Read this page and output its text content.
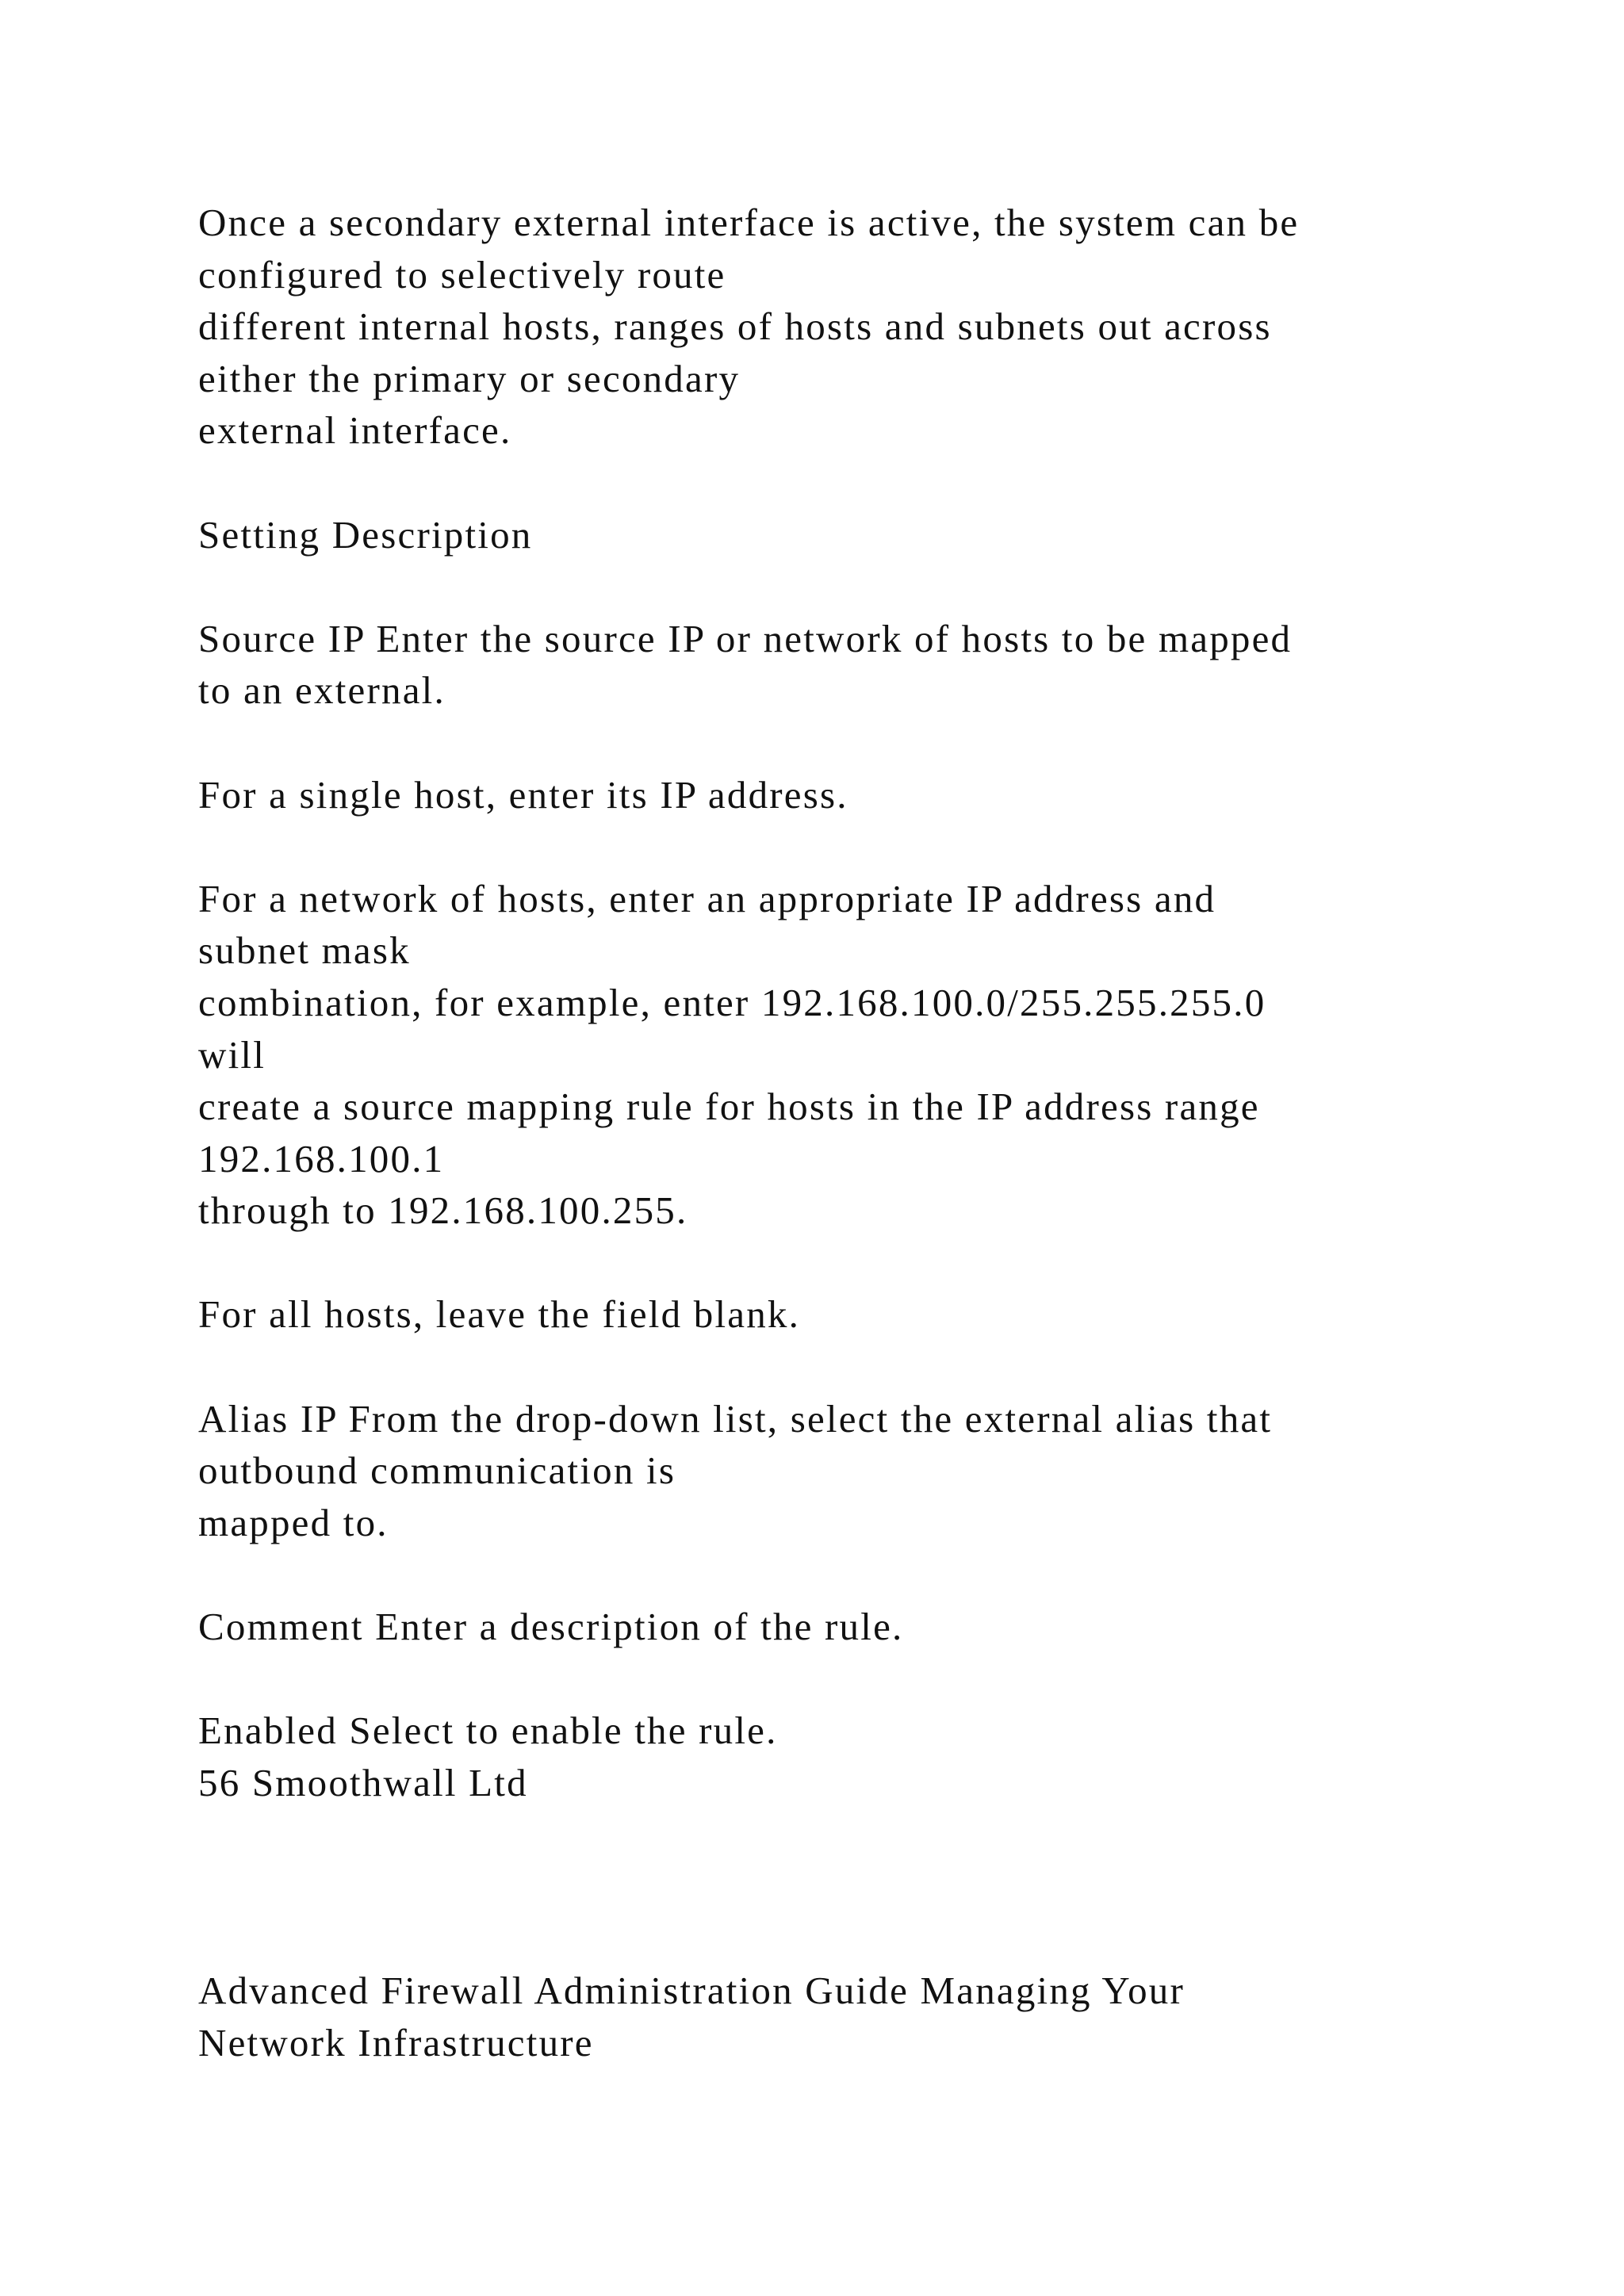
Once a secondary external interface is active, the system can be
configured to selectively route
different internal hosts, ranges of hosts and subnets out across
either the primary or secondary
external interface.
Setting Description
Source IP Enter the source IP or network of hosts to be mapped
to an external.
For a single host, enter its IP address.
For a network of hosts, enter an appropriate IP address and
subnet mask
combination, for example, enter 192.168.100.0/255.255.255.0
will
create a source mapping rule for hosts in the IP address range
192.168.100.1
through to 192.168.100.255.
For all hosts, leave the field blank.
Alias IP From the drop-down list, select the external alias that
outbound communication is
mapped to.
Comment Enter a description of the rule.
Enabled Select to enable the rule.
56 Smoothwall Ltd
Advanced Firewall Administration Guide Managing Your
Network Infrastructure
